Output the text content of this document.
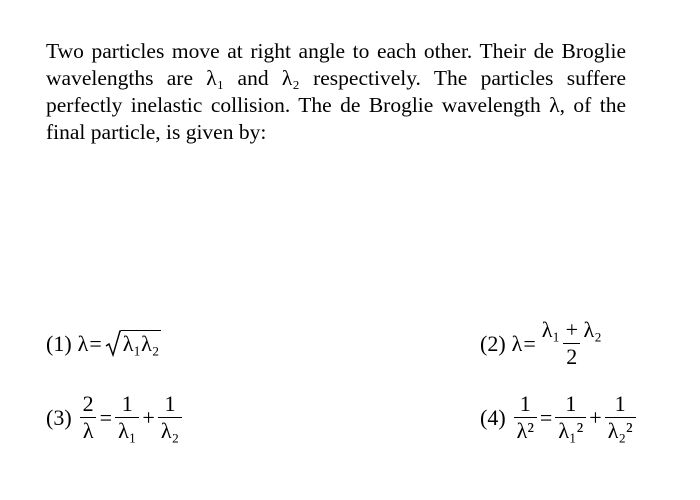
Two particles move at right angle to each other. Their de Broglie wavelengths are λ₁ and λ₂ respectively. The particles suffere perfectly inelastic collision. The de Broglie wavelength λ, of the final particle, is given by:

(1) λ = λ₁λ₂	(2) $\lambda = \frac{\text{λ₁ + λ₂}}{2}$
$(3) \frac{2}{\lambda} = \frac{1}{\text{λ₁}} + \frac{1}{\text{λ₂}}$	$(4) \frac{1}{\text{λ²}} = \frac{1}{\text{λ₁²}} + \frac{1}{\text{λ₂²}}$
